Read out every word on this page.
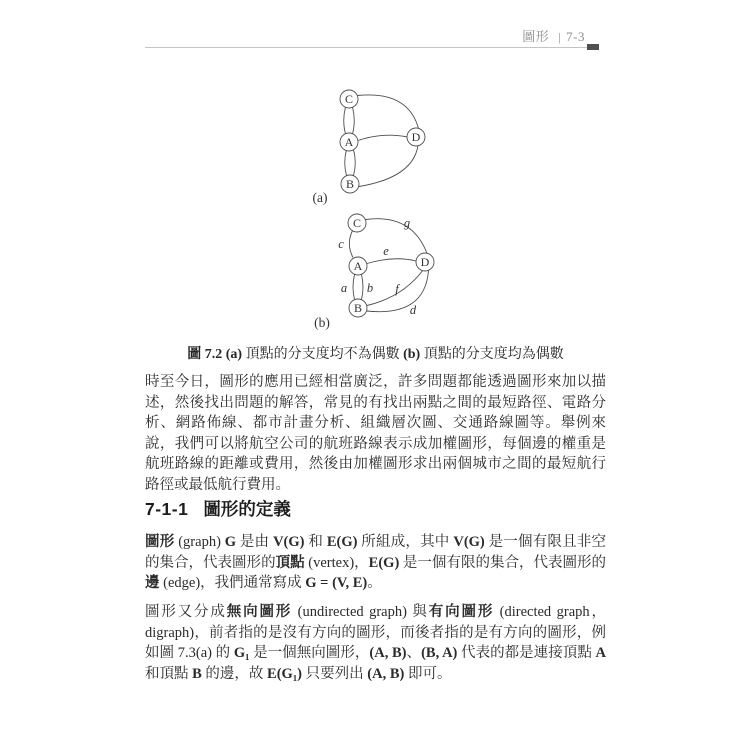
圖形 | 7-3
C
A
B
D
(a)
C
A
B
D
c
g
e
a b f
d
(b)
圖 7.2 (a) 頂點的分支度均不為偶數 (b) 頂點的分支度均為偶數
時至今日，圖形的應用已經相當廣泛，許多問題都能透過圖形來加以描述，然後找出問題的解答，常見的有找出兩點之間的最短路徑、電路分析、網路佈線、都市計畫分析、組織層次圖、交通路線圖等。舉例來說，我們可以將航空公司的航班路線表示成加權圖形，每個邊的權重是航班路線的距離或費用，然後由加權圖形求出兩個城市之間的最短航行路徑或最低航行費用。
7-1-1 圖形的定義
圖形 (graph) G 是由 V(G) 和 E(G) 所組成，其中 V(G) 是一個有限且非空的集合，代表圖形的頂點 (vertex)，E(G) 是一個有限的集合，代表圖形的邊 (edge)，我們通常寫成 G = (V, E)。
圖形又分成無向圖形 (undirected graph) 與有向圖形 (directed graph，digraph)，前者指的是沒有方向的圖形，而後者指的是有方向的圖形，例如圖 7.3(a) 的 G₁ 是一個無向圖形，(A, B)、(B, A) 代表的都是連接頂點 A 和頂點 B 的邊，故 E(G₁) 只要列出 (A, B) 即可。
